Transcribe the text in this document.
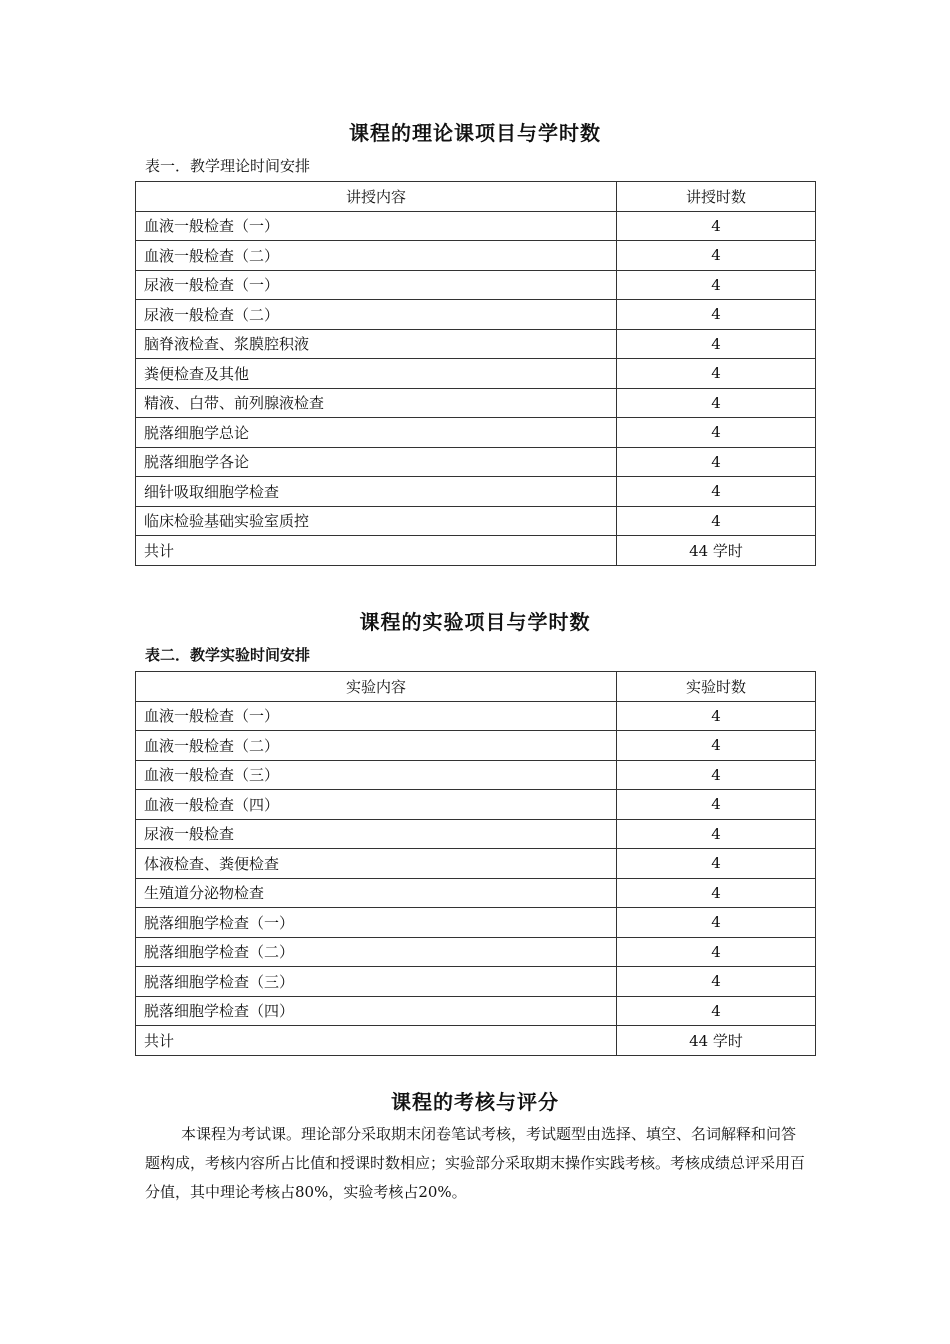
课程的理论课项目与学时数
表一．教学理论时间安排
讲授内容	讲授时数
血液一般检查（一）	4
血液一般检查（二）	4
尿液一般检查（一）	4
尿液一般检查（二）	4
脑脊液检查、浆膜腔积液	4
粪便检查及其他	4
精液、白带、前列腺液检查	4
脱落细胞学总论	4
脱落细胞学各论	4
细针吸取细胞学检查	4
临床检验基础实验室质控	4
共计	44 学时
课程的实验项目与学时数
表二．教学实验时间安排
实验内容	实验时数
血液一般检查（一）	4
血液一般检查（二）	4
血液一般检查（三）	4
血液一般检查（四）	4
尿液一般检查	4
体液检查、粪便检查	4
生殖道分泌物检查	4
脱落细胞学检查（一）	4
脱落细胞学检查（二）	4
脱落细胞学检查（三）	4
脱落细胞学检查（四）	4
共计	44 学时
课程的考核与评分

本课程为考试课。理论部分采取期末闭卷笔试考核，考试题型由选择、填空、名词解释和问答题构成，考核内容所占比值和授课时数相应；实验部分采取期末操作实践考核。考核成绩总评采用百分值，其中理论考核占80%，实验考核占20%。
